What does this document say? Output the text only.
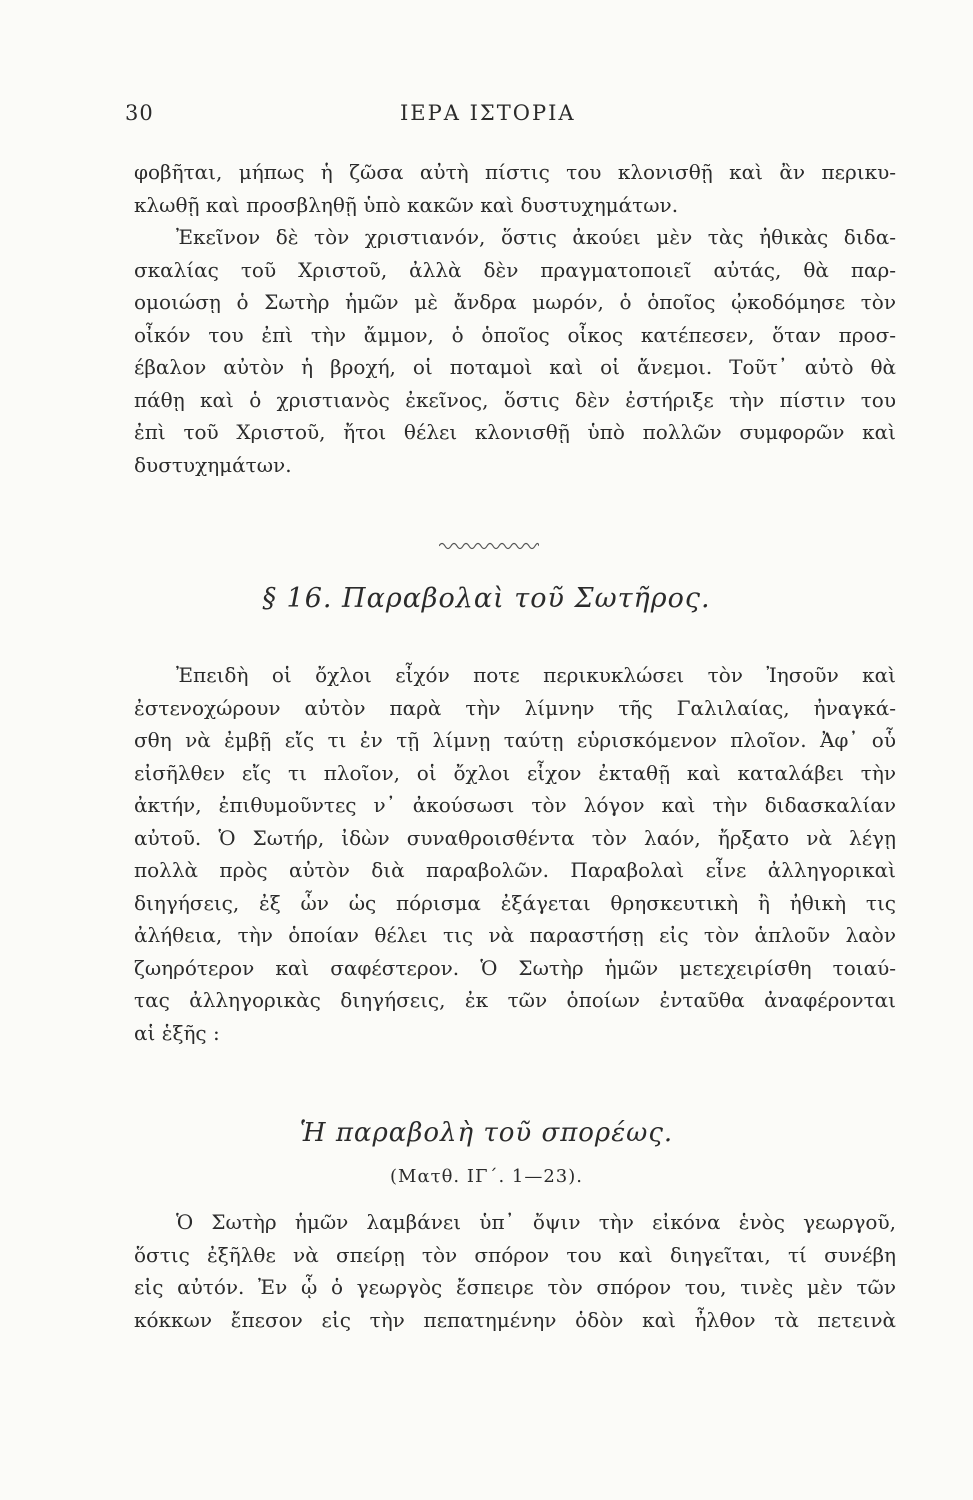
30	ΙΕΡΑ ΙΣΤΟΡΙΑ

φοβῆται, μήπως ἡ ζῶσα αὐτὴ πίστις του κλονισθῇ καὶ ἂν περικυ-

κλωθῇ καὶ προσβληθῇ ὑπὸ κακῶν καὶ δυστυχημάτων.

Ἐκεῖνον δὲ τὸν χριστιανόν, ὅστις ἀκούει μὲν τὰς ἠθικὰς διδα-

σκαλίας τοῦ Χριστοῦ, ἀλλὰ δὲν πραγματοποιεῖ αὐτάς, θὰ παρ-

ομοιώσῃ ὁ Σωτὴρ ἡμῶν μὲ ἄνδρα μωρόν, ὁ ὁποῖος ᾠκοδόμησε τὸν

οἶκόν του ἐπὶ τὴν ἄμμον, ὁ ὁποῖος οἶκος κατέπεσεν, ὅταν προσ-

έβαλον αὐτὸν ἡ βροχή, οἱ ποταμοὶ καὶ οἱ ἄνεμοι. Τοῦτ᾽ αὐτὸ θὰ

πάθῃ καὶ ὁ χριστιανὸς ἐκεῖνος, ὅστις δὲν ἐστήριξε τὴν πίστιν του

ἐπὶ τοῦ Χριστοῦ, ἤτοι θέλει κλονισθῇ ὑπὸ πολλῶν συμφορῶν καὶ

δυστυχημάτων.

§ 16. Παραβολαὶ τοῦ Σωτῆρος.

Ἐπειδὴ οἱ ὄχλοι εἶχόν ποτε περικυκλώσει τὸν Ἰησοῦν καὶ

ἐστενοχώρουν αὐτὸν παρὰ τὴν λίμνην τῆς Γαλιλαίας, ἠναγκά-

σθη νὰ ἐμβῇ εἴς τι ἐν τῇ λίμνῃ ταύτῃ εὑρισκόμενον πλοῖον. Ἀφ᾽ οὗ

εἰσῆλθεν εἴς τι πλοῖον, οἱ ὄχλοι εἶχον ἐκταθῇ καὶ καταλάβει τὴν

ἀκτήν, ἐπιθυμοῦντες ν᾽ ἀκούσωσι τὸν λόγον καὶ τὴν διδασκαλίαν

αὐτοῦ. Ὁ Σωτήρ, ἰδὼν συναθροισθέντα τὸν λαόν, ἤρξατο νὰ λέγῃ

πολλὰ πρὸς αὐτὸν διὰ παραβολῶν. Παραβολαὶ εἶνε ἀλληγορικαὶ

διηγήσεις, ἐξ ὧν ὡς πόρισμα ἐξάγεται θρησκευτικὴ ἢ ἠθικὴ τις

ἀλήθεια, τὴν ὁποίαν θέλει τις νὰ παραστήσῃ εἰς τὸν ἁπλοῦν λαὸν

ζωηρότερον καὶ σαφέστερον. Ὁ Σωτὴρ ἡμῶν μετεχειρίσθη τοιαύ-

τας ἀλληγορικὰς διηγήσεις, ἐκ τῶν ὁποίων ἐνταῦθα ἀναφέρονται

αἱ ἑξῆς :

Ἡ παραβολὴ τοῦ σπορέως.
(Ματθ. ΙΓ΄. 1—23).

Ὁ Σωτὴρ ἡμῶν λαμβάνει ὑπ᾽ ὄψιν τὴν εἰκόνα ἑνὸς γεωργοῦ,

ὅστις ἐξῆλθε νὰ σπείρῃ τὸν σπόρον του καὶ διηγεῖται, τί συνέβη

εἰς αὐτόν. Ἐν ᾧ ὁ γεωργὸς ἔσπειρε τὸν σπόρον του, τινὲς μὲν τῶν

κόκκων ἔπεσον εἰς τὴν πεπατημένην ὁδὸν καὶ ἦλθον τὰ πετεινὰ
